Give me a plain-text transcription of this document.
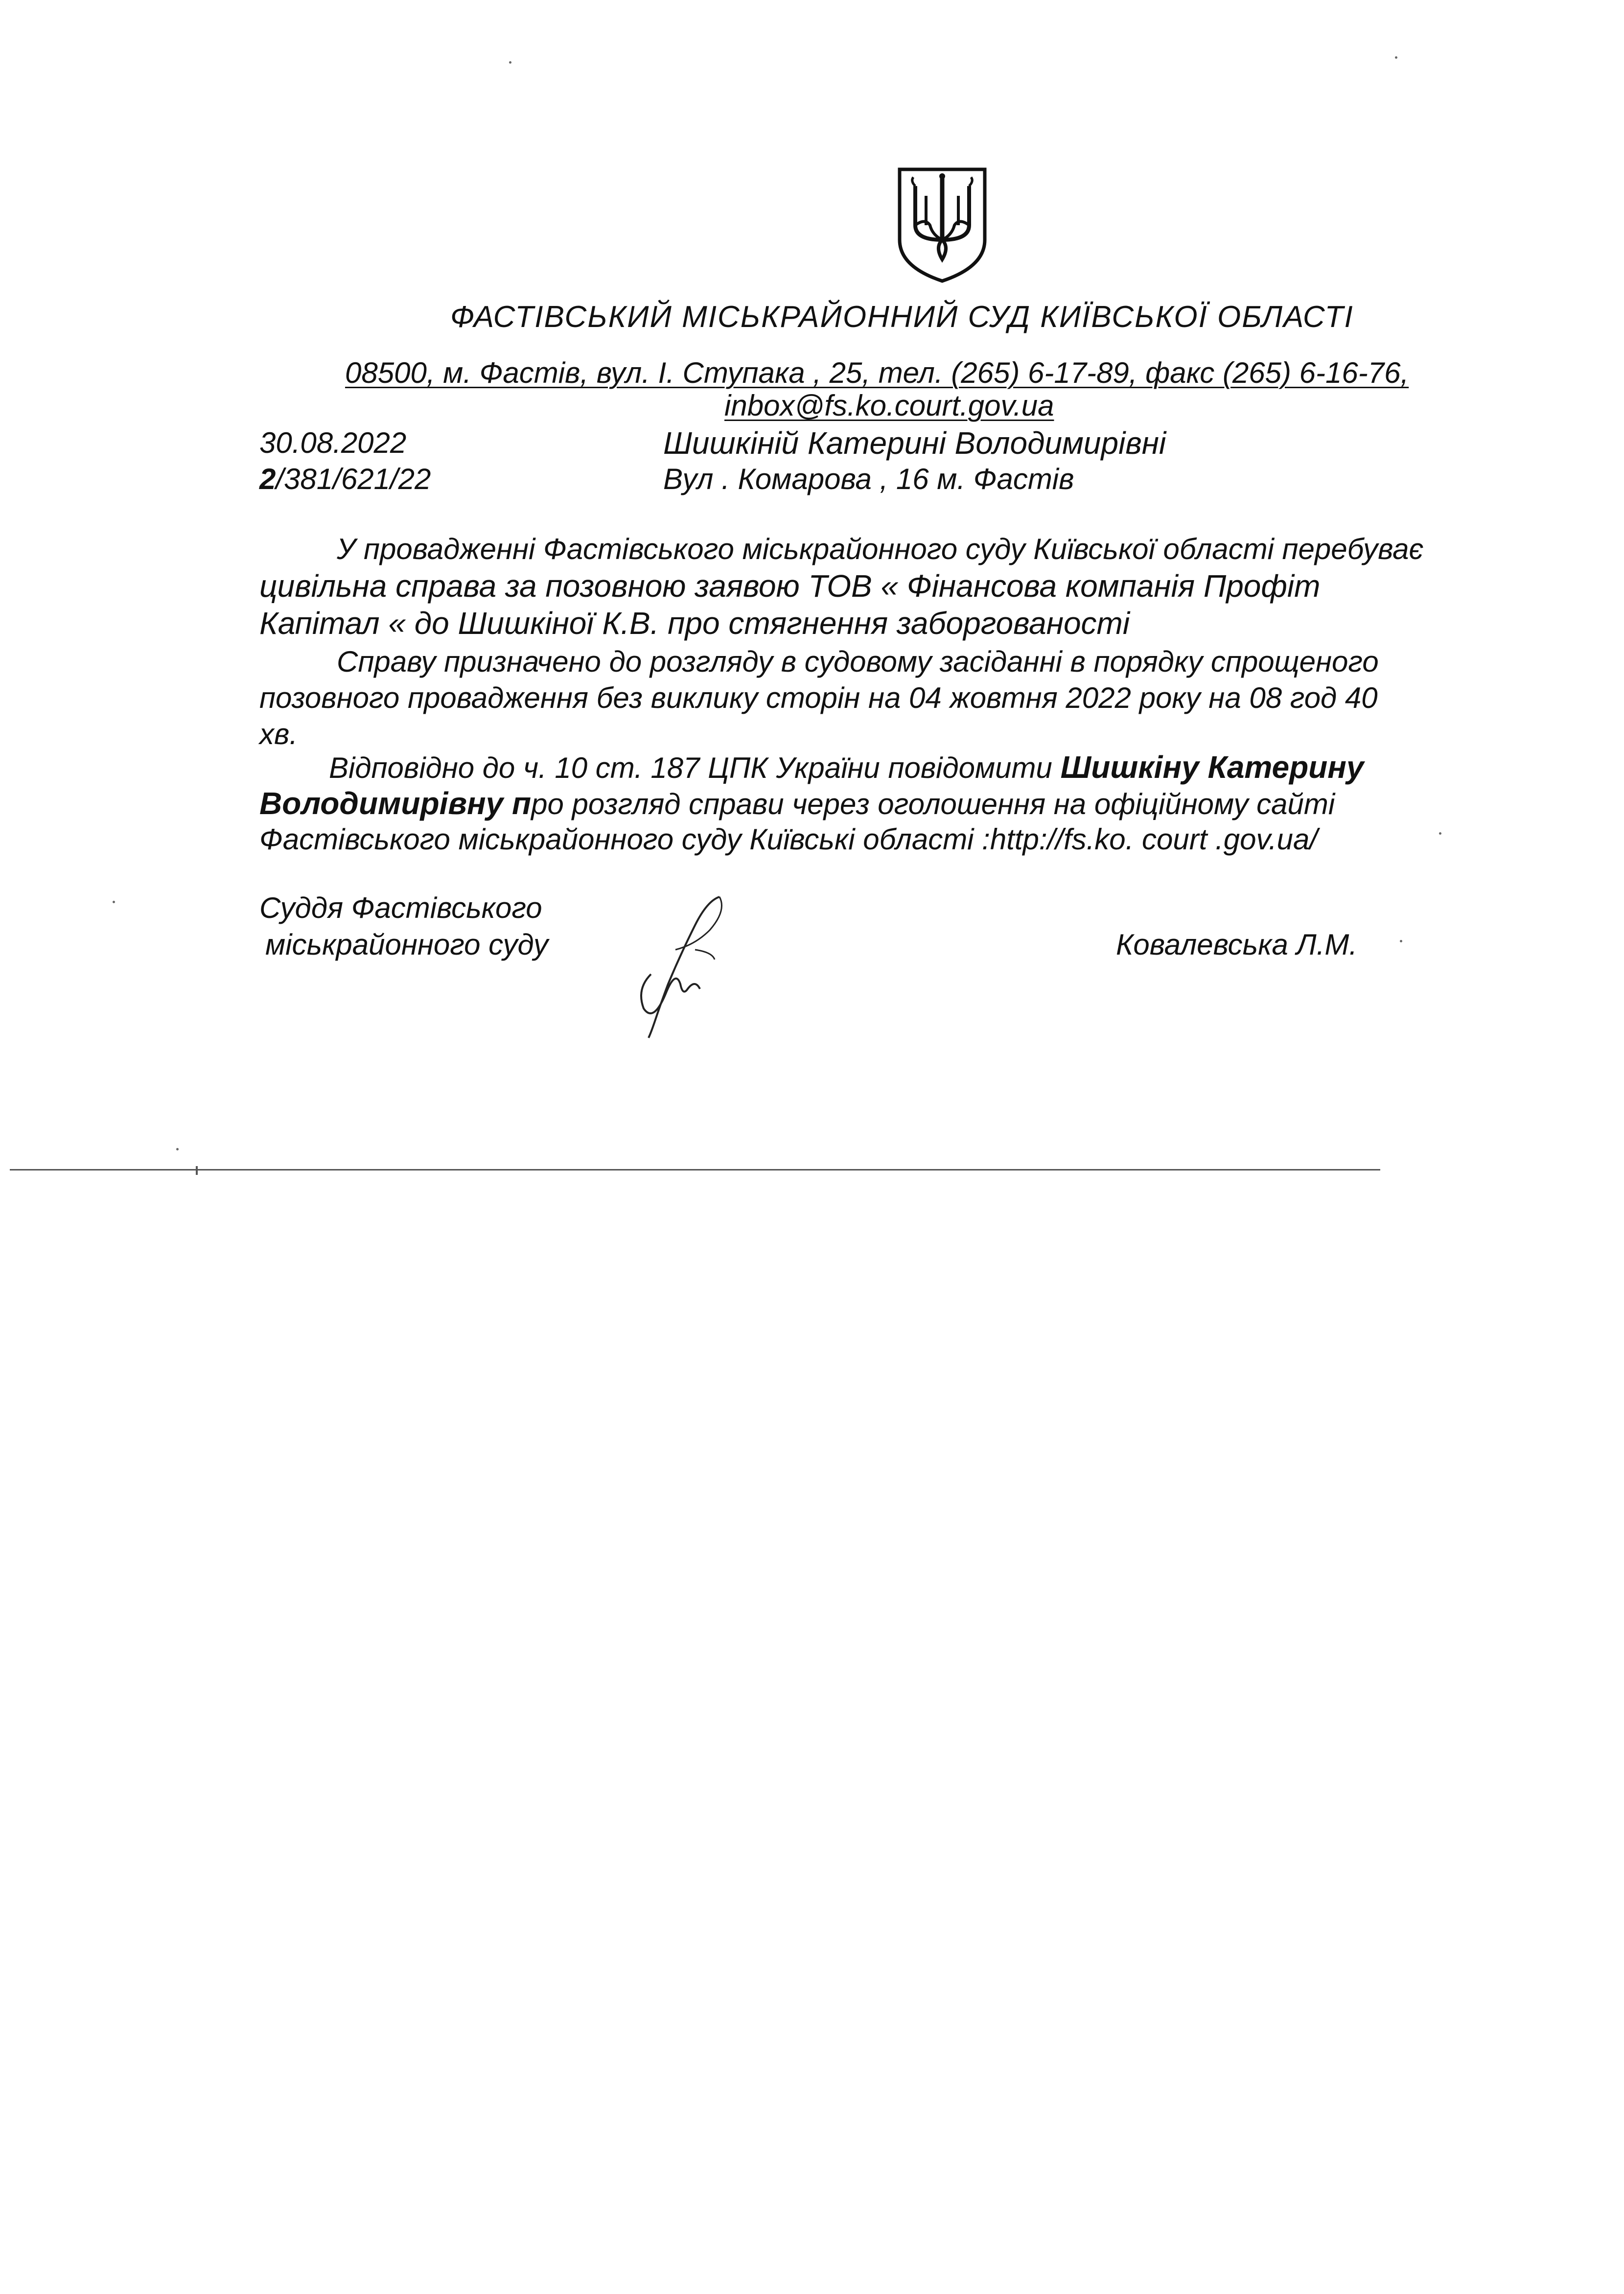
ФАСТІВСЬКИЙ МІСЬКРАЙОННИЙ СУД КИЇВСЬКОЇ ОБЛАСТІ
08500, м. Фастів, вул. І. Ступака , 25, тел. (265) 6-17-89, факс (265) 6-16-76,
inbox@fs.ko.court.gov.ua
30.08.2022
2/381/621/22
Шишкіній Катерині Володимирівні
Вул . Комарова , 16 м. Фастів
У провадженні Фастівського міськрайонного суду Київської області перебуває
цивільна справа за позовною заявою ТОВ « Фінансова компанія Профіт
Капітал « до Шишкіної К.В. про стягнення заборгованості
Справу призначено до розгляду в судовому засіданні в порядку спрощеного
позовного провадження без виклику сторін на 04 жовтня 2022 року на 08 год 40
хв.
Відповідно до ч. 10 ст. 187 ЦПК України повідомити Шишкіну Катерину
Володимирівну про розгляд справи через оголошення на офіційному сайті
Фастівського міськрайонного суду Київські області :http://fs.ko. court .gov.ua/
Суддя Фастівського
міськрайонного суду	Ковалевська Л.М.
